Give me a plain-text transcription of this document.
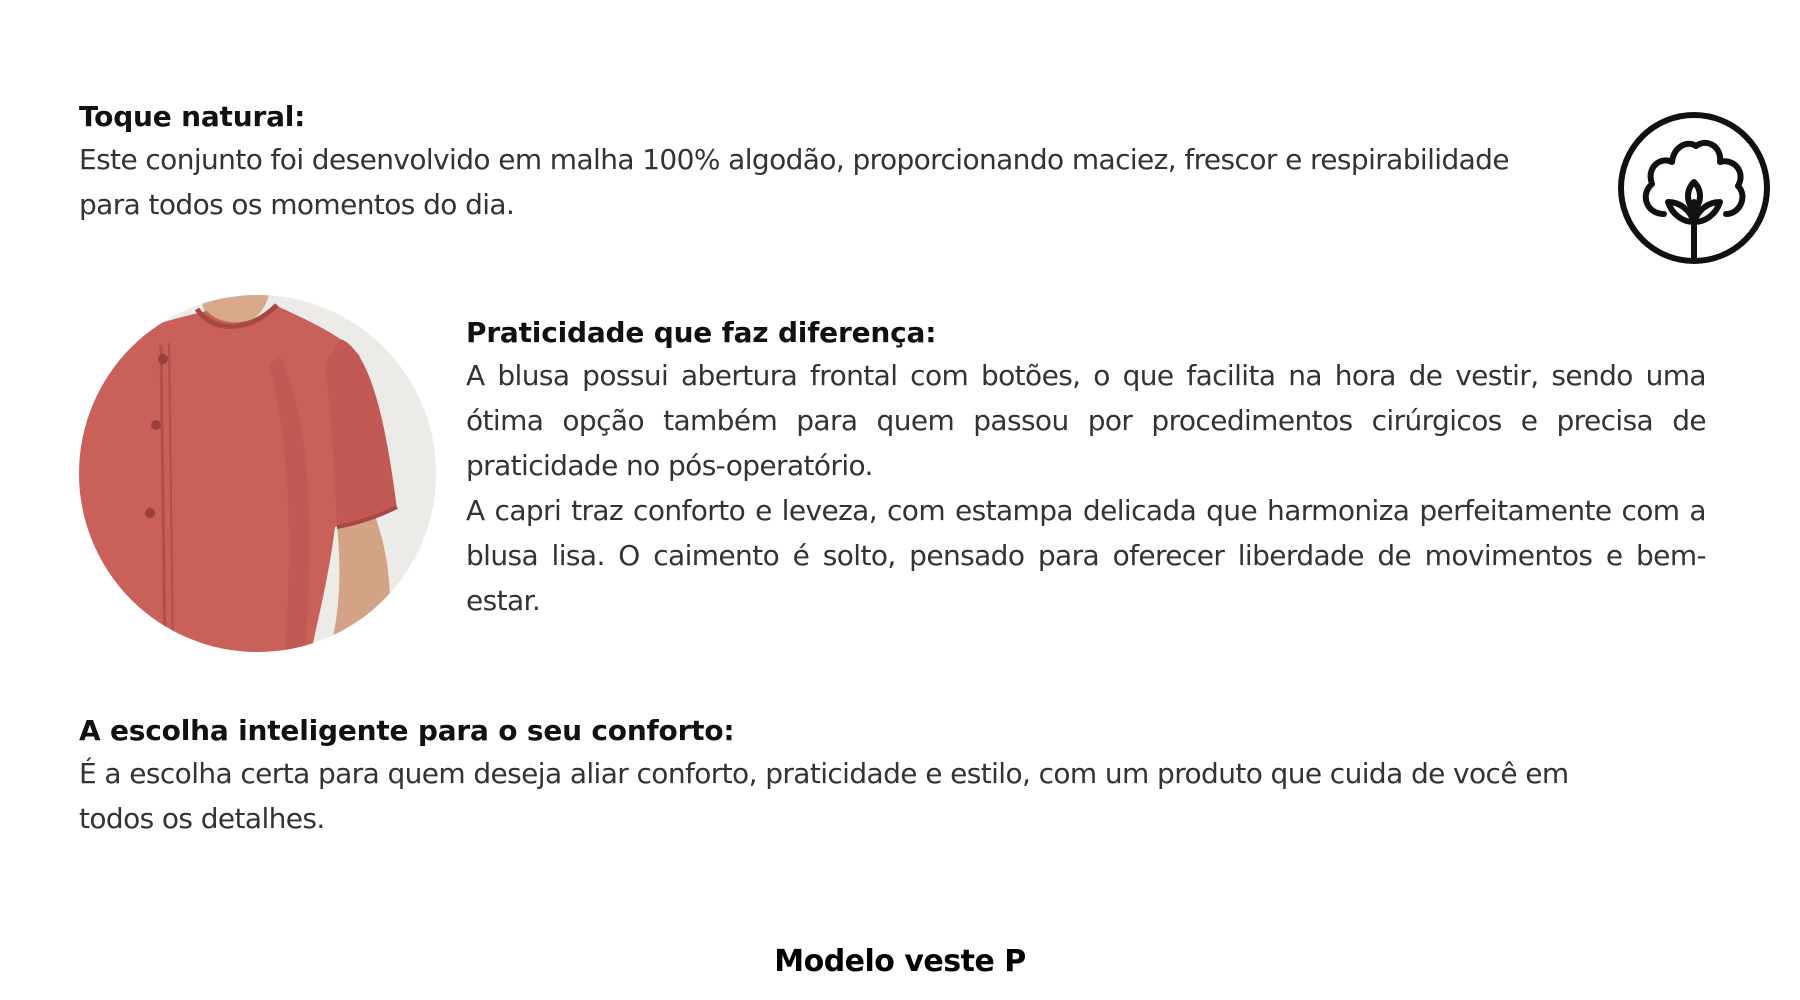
Toque natural:

Este conjunto foi desenvolvido em malha 100% algodão, proporcionando maciez, frescor e respirabilidade para todos os momentos do dia.

Praticidade que faz diferença:

A blusa possui abertura frontal com botões, o que facilita na hora de vestir, sendo uma ótima opção também para quem passou por procedimentos cirúrgicos e precisa de praticidade no pós-operatório.

A capri traz conforto e leveza, com estampa delicada que harmoniza perfeitamente com a blusa lisa. O caimento é solto, pensado para oferecer liberdade de movimentos e bem-estar.

A escolha inteligente para o seu conforto:

É a escolha certa para quem deseja aliar conforto, praticidade e estilo, com um produto que cuida de você em todos os detalhes.

Modelo veste P
